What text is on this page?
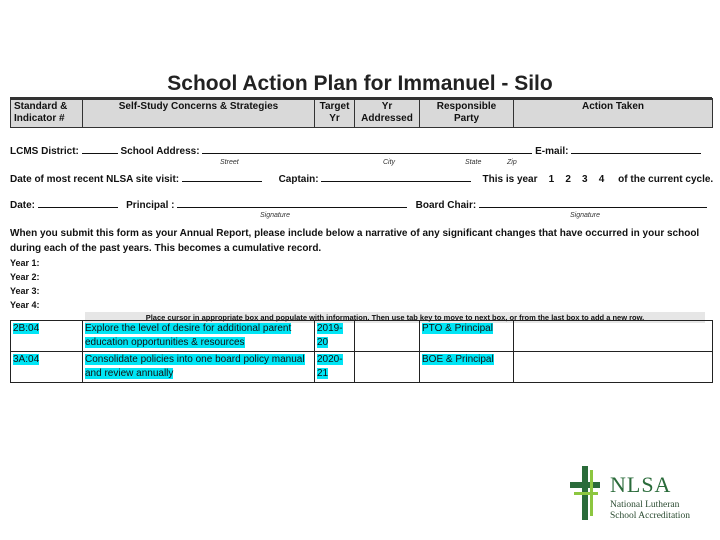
School Action Plan for Immanuel - Silo
Standard & Indicator #	Self-Study Concerns & Strategies	Target Yr	Yr Addressed	Responsible Party	Action Taken
LCMS District:	School Address:	E-mail:
Street	City	State	Zip
Date of most recent NLSA site visit:	Captain:	This is year 1 2 3 4 of the current cycle.
Date:	Principal :	Board Chair:
Signature	Signature
When you submit this form as your Annual Report, please include below a narrative of any significant changes that have occurred in your school during each of the past years. This becomes a cumulative record.
Year 1:
Year 2:
Year 3:
Year 4:
Place cursor in appropriate box and populate with information. Then use tab key to move to next box, or from the last box to add a new row.
2B:04	Explore the level of desire for additional parent education opportunities & resources	2019-20		PTO & Principal	
3A:04	Consolidate policies into one board policy manual and review annually	2020-21		BOE & Principal	
NLSA
National Lutheran
School Accreditation
